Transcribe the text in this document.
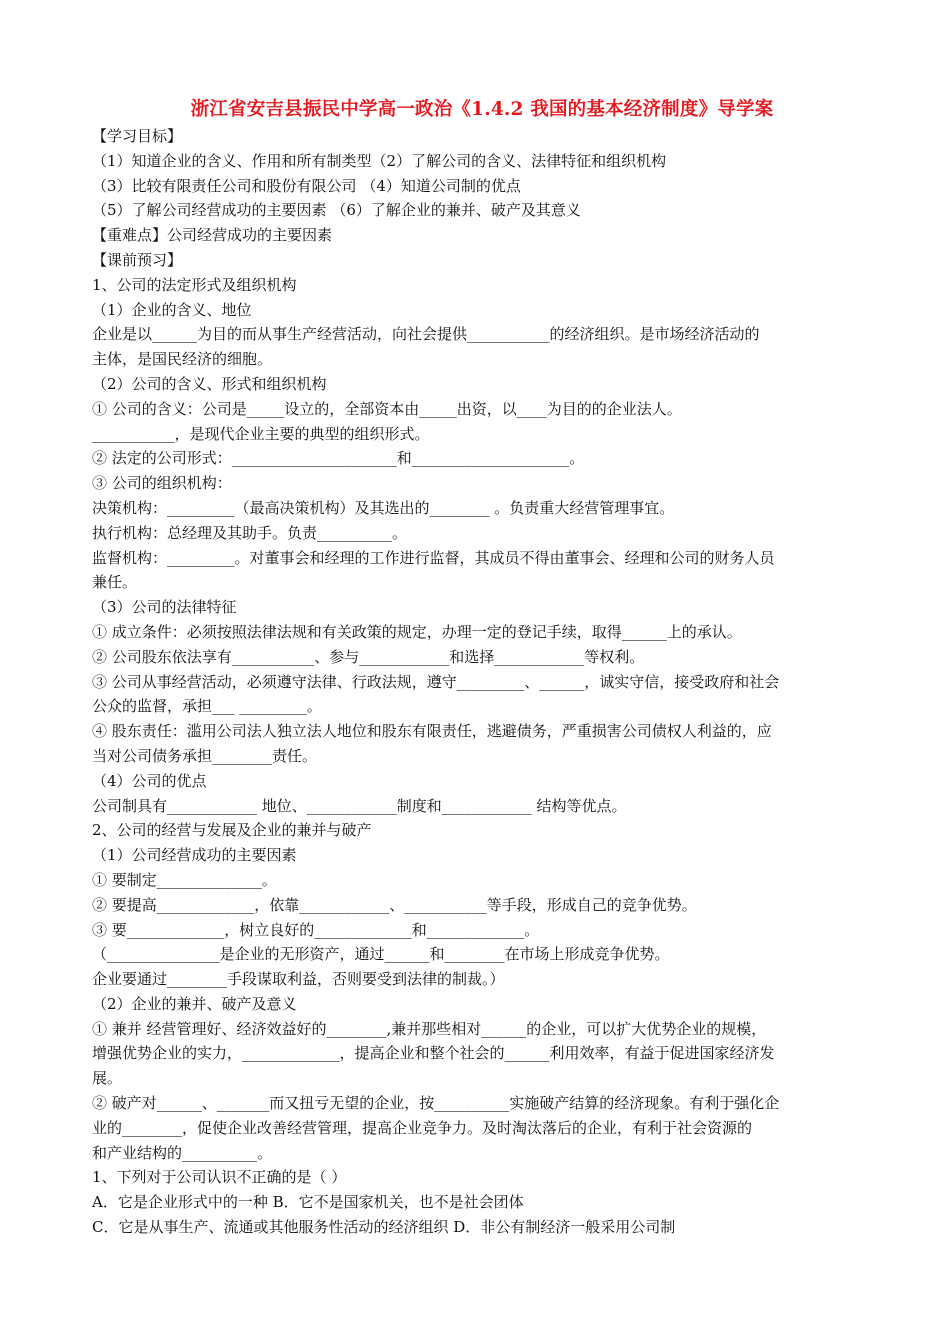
浙江省安吉县振民中学高一政治《1.4.2 我国的基本经济制度》导学案
【学习目标】
（1）知道企业的含义、作用和所有制类型（2）了解公司的含义、法律特征和组织机构
（3）比较有限责任公司和股份有限公司 （4）知道公司制的优点
（5）了解公司经营成功的主要因素 （6）了解企业的兼并、破产及其意义
【重难点】公司经营成功的主要因素
【课前预习】
1、公司的法定形式及组织机构
（1）企业的含义、地位
企业是以______为目的而从事生产经营活动，向社会提供___________的经济组织。是市场经济活动的
主体，是国民经济的细胞。
（2）公司的含义、形式和组织机构
① 公司的含义：公司是_____设立的，全部资本由_____出资，以____为目的的企业法人。
___________，是现代企业主要的典型的组织形式。
② 法定的公司形式：______________________和_____________________。
③ 公司的组织机构：
决策机构：_________（最高决策机构）及其选出的________ 。负责重大经营管理事宜。
执行机构：总经理及其助手。负责__________。
监督机构：_________。对董事会和经理的工作进行监督，其成员不得由董事会、经理和公司的财务人员
兼任。
（3）公司的法律特征
① 成立条件：必须按照法律法规和有关政策的规定，办理一定的登记手续，取得______上的承认。
② 公司股东依法享有___________、参与____________和选择____________等权利。
③ 公司从事经营活动，必须遵守法律、行政法规，遵守_________、______，诚实守信，接受政府和社会
公众的监督，承担___ _________。
④ 股东责任：滥用公司法人独立法人地位和股东有限责任，逃避债务，严重损害公司债权人利益的，应
当对公司债务承担________责任。
（4）公司的优点
公司制具有____________ 地位、____________制度和____________ 结构等优点。
2、公司的经营与发展及企业的兼并与破产
（1）公司经营成功的主要因素
① 要制定______________。
② 要提高_____________，依靠____________、___________等手段，形成自己的竞争优势。
③ 要_____________，树立良好的_____________和_____________。
（_______________是企业的无形资产，通过______和________在市场上形成竞争优势。
企业要通过________手段谋取利益，否则要受到法律的制裁。）
（2）企业的兼并、破产及意义
① 兼并 经营管理好、经济效益好的________,兼并那些相对______的企业，可以扩大优势企业的规模，
增强优势企业的实力，_____________，提高企业和整个社会的______利用效率，有益于促进国家经济发
展。
② 破产对______、_______而又扭亏无望的企业，按__________实施破产结算的经济现象。有利于强化企
业的________，促使企业改善经营管理，提高企业竞争力。及时淘汰落后的企业，有利于社会资源的
和产业结构的__________。
1、下列对于公司认识不正确的是（ ）
A．它是企业形式中的一种 B．它不是国家机关，也不是社会团体
C．它是从事生产、流通或其他服务性活动的经济组织 D．非公有制经济一般采用公司制
